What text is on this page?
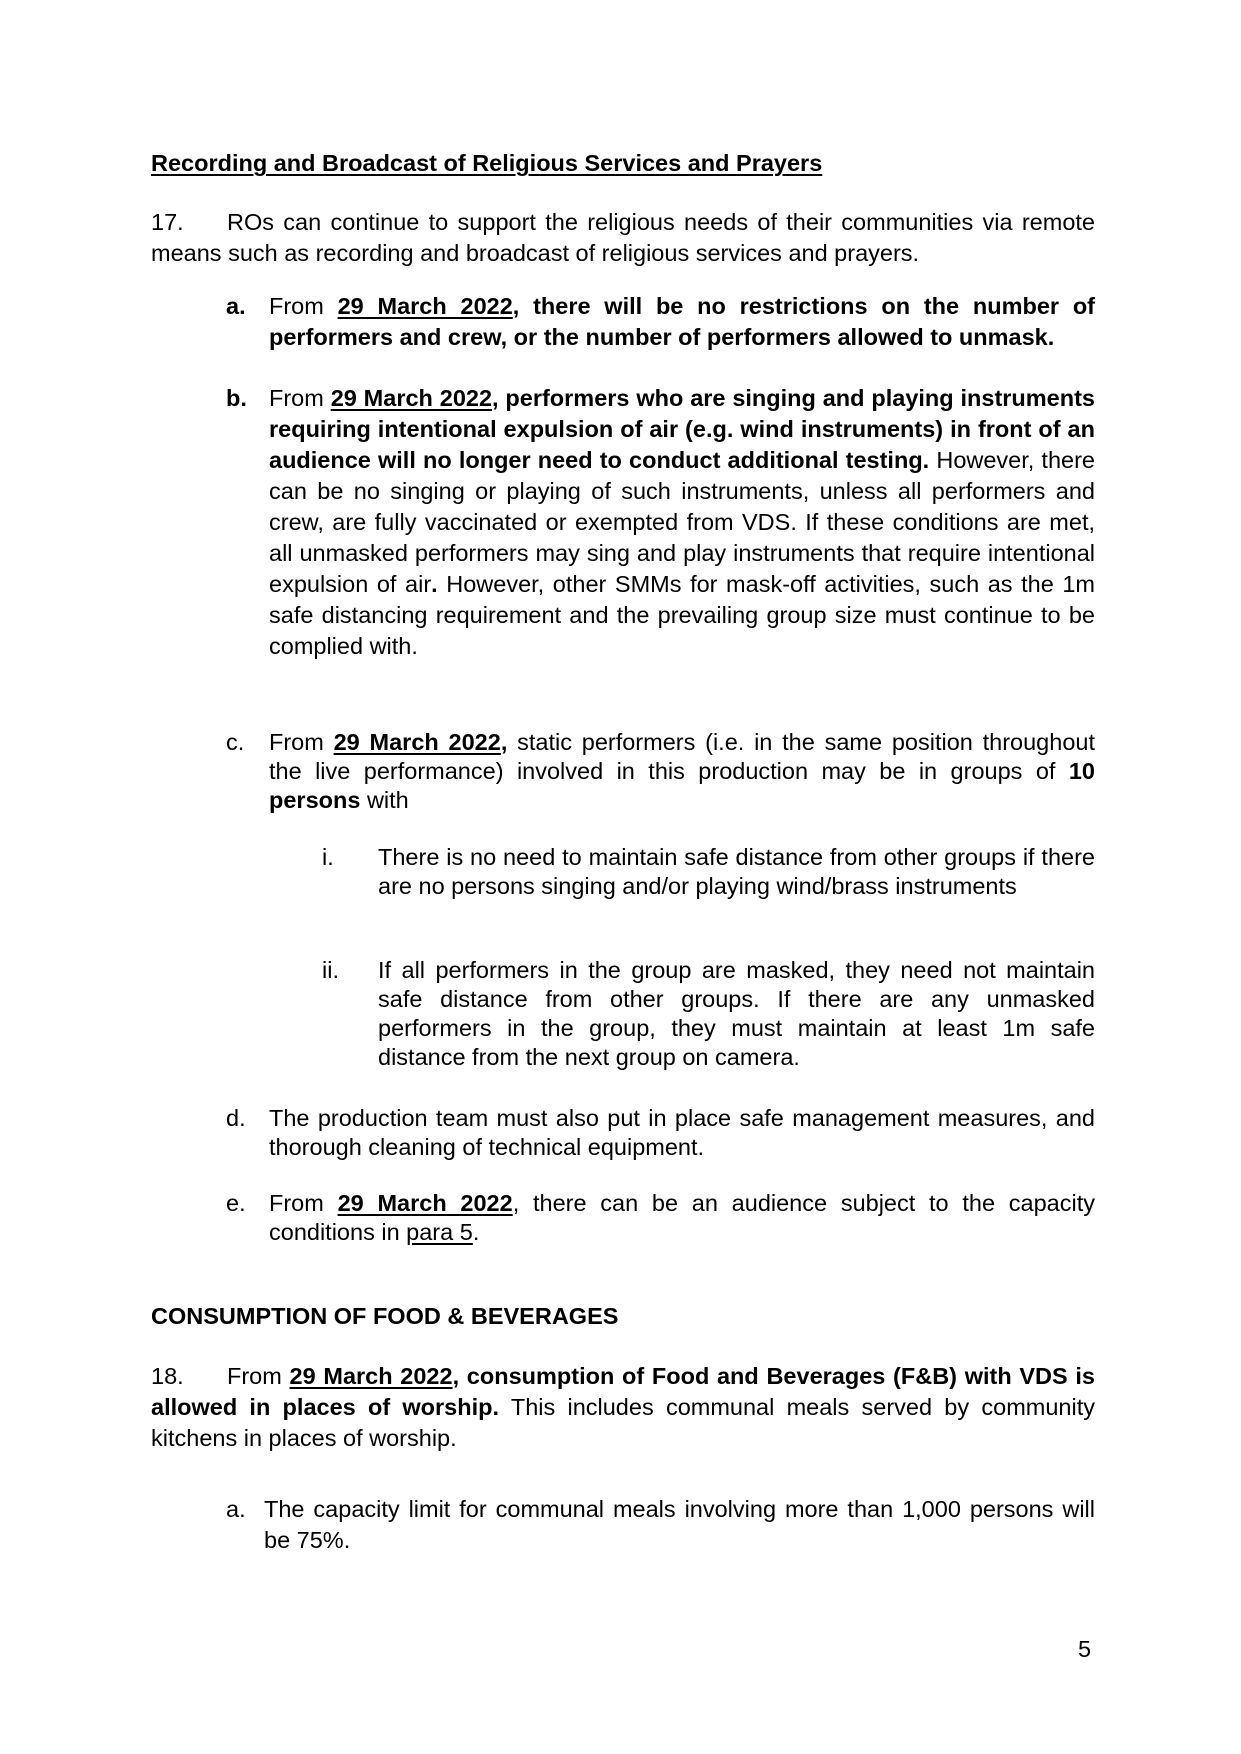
Recording and Broadcast of Religious Services and Prayers
17. ROs can continue to support the religious needs of their communities via remote means such as recording and broadcast of religious services and prayers.
a. From 29 March 2022, there will be no restrictions on the number of performers and crew, or the number of performers allowed to unmask.
b. From 29 March 2022, performers who are singing and playing instruments requiring intentional expulsion of air (e.g. wind instruments) in front of an audience will no longer need to conduct additional testing. However, there can be no singing or playing of such instruments, unless all performers and crew, are fully vaccinated or exempted from VDS. If these conditions are met, all unmasked performers may sing and play instruments that require intentional expulsion of air. However, other SMMs for mask-off activities, such as the 1m safe distancing requirement and the prevailing group size must continue to be complied with.
c.	From 29 March 2022, static performers (i.e. in the same position throughout the live performance) involved in this production may be in groups of 10 persons with
i.	There is no need to maintain safe distance from other groups if there are no persons singing and/or playing wind/brass instruments
ii.	If all performers in the group are masked, they need not maintain safe distance from other groups. If there are any unmasked performers in the group, they must maintain at least 1m safe distance from the next group on camera.
d. The production team must also put in place safe management measures, and thorough cleaning of technical equipment.
e. From 29 March 2022, there can be an audience subject to the capacity conditions in para 5.
CONSUMPTION OF FOOD & BEVERAGES
18. From 29 March 2022, consumption of Food and Beverages (F&B) with VDS is allowed in places of worship. This includes communal meals served by community kitchens in places of worship.
a. The capacity limit for communal meals involving more than 1,000 persons will be 75%.
5
